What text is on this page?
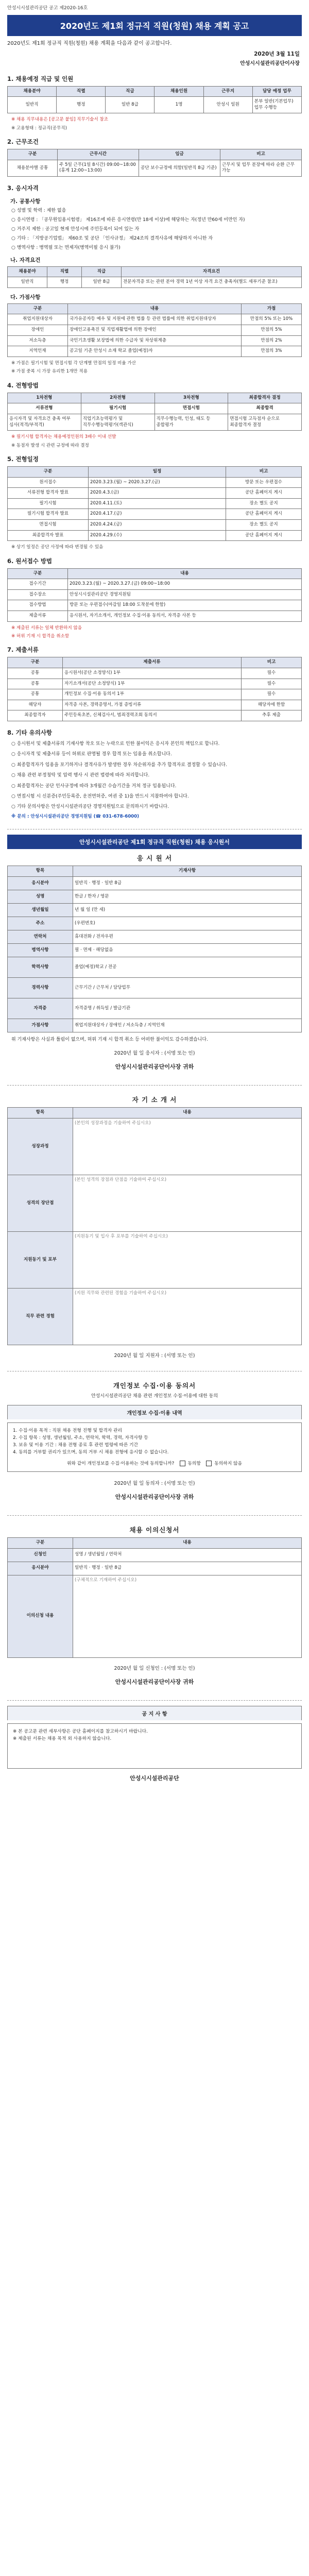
안성시시설관리공단 공고 제2020-16호
2020년도 제1회 정규직 직원(청원) 채용 계획 공고
2020년도 제1회 정규직 직원(청원) 채용 계획을 다음과 같이 공고합니다.
2020년 3월 11일
안성시시설관리공단이사장
1. 채용예정 직급 및 인원
채용분야	직렬	직급	채용인원	근무지	담당 예정 업무
일반직	행정	일반 8급	1명	안성시 일원	본부 일반(기본업무) 업무 수행등
※ 채용 직무내용은 [공고문 붙임] 직무기술서 참조
※ 고용형태 : 정규직(공무직)
2. 근무조건
구분	근무시간	임금	비고
채용분야별 공통	주 5일 근무(1일 8시간) 09:00~18:00 (휴게 12:00~13:00)	공단 보수규정에 의함(일반직 8급 기준)	근무지 및 업무 분장에 따라 순환 근무 가능
3. 응시자격
가. 공통사항
○ 성별 및 학력 : 제한 없음
○ 응시연령 : 「공무원임용시험령」 제16조에 따른 응시연령(만 18세 이상)에 해당하는 자(정년 만60세 미만인 자)
○ 거주지 제한 : 공고일 현재 안성시에 주민등록이 되어 있는 자
○ 기타 : 「지방공기업법」 제60조 및 공단 「인사규정」 제24조의 결격사유에 해당하지 아니한 자
○ 병역사항 : 병역필 또는 면제자(병역미필 응시 불가)
나. 자격요건
채용분야	직렬	직급	자격요건
일반직	행정	일반 8급	전문자격증 또는 관련 분야 경력 1년 이상 자격 요건 충족자(별도 세부기준 참조)
다. 가점사항
구분	내용	가점
취업지원대상자	국가유공자등 예우 및 지원에 관한 법률 등 관련 법률에 의한 취업지원대상자	만점의 5% 또는 10%
장애인	장애인고용촉진 및 직업재활법에 의한 장애인	만점의 5%
저소득층	국민기초생활 보장법에 의한 수급자 및 차상위계층	만점의 2%
지역인재	공고일 기준 안성시 소재 학교 졸업(예정)자	만점의 3%
※ 가점은 필기시험 및 면접시험 각 단계별 만점의 일정 비율 가산
※ 가점 중복 시 가장 유리한 1개만 적용
4. 전형방법
1차전형	2차전형	3차전형	최종합격자 결정
서류전형	필기시험	면접시험	최종합격
응시자격 및 자격요건 충족 여부 심사(적격/부적격)	직업기초능력평가 및 직무수행능력평가(객관식)	직무수행능력, 인성, 태도 등 종합평가	면접시험 고득점자 순으로 최종합격자 결정
※ 필기시험 합격자는 채용예정인원의 3배수 이내 선발
※ 동점자 발생 시 관련 규정에 따라 결정
5. 전형일정
구분	일정	비고
원서접수	2020.3.23.(월) ~ 2020.3.27.(금)	방문 또는 우편접수
서류전형 합격자 발표	2020.4.3.(금)	공단 홈페이지 게시
필기시험	2020.4.11.(토)	장소 별도 공지
필기시험 합격자 발표	2020.4.17.(금)	공단 홈페이지 게시
면접시험	2020.4.24.(금)	장소 별도 공지
최종합격자 발표	2020.4.29.(수)	공단 홈페이지 게시
※ 상기 일정은 공단 사정에 따라 변경될 수 있음
6. 원서접수 방법
구분	내용
접수기간	2020.3.23.(월) ~ 2020.3.27.(금) 09:00~18:00
접수장소	안성시시설관리공단 경영지원팀
접수방법	방문 또는 우편접수(마감일 18:00 도착분에 한함)
제출서류	응시원서, 자기소개서, 개인정보 수집·이용 동의서, 자격증 사본 등
※ 제출된 서류는 일체 반환하지 않음
※ 허위 기재 시 합격을 취소함
7. 제출서류
구분	제출서류	비고
공통	응시원서(공단 소정양식) 1부	필수
공통	자기소개서(공단 소정양식) 1부	필수
공통	개인정보 수집·이용 동의서 1부	필수
해당자	자격증 사본, 경력증명서, 가점 증빙서류	해당자에 한함
최종합격자	주민등록초본, 신체검사서, 범죄경력조회 동의서	추후 제출
8. 기타 유의사항
○ 응시원서 및 제출서류의 기재사항 착오 또는 누락으로 인한 불이익은 응시자 본인의 책임으로 합니다.
○ 응시자격 및 제출서류 등이 허위로 판명될 경우 합격 또는 임용을 취소합니다.
○ 최종합격자가 임용을 포기하거나 결격사유가 발생한 경우 차순위자를 추가 합격자로 결정할 수 있습니다.
○ 채용 관련 부정청탁 및 압력 행사 시 관련 법령에 따라 처리합니다.
○ 최종합격자는 공단 인사규정에 따라 3개월간 수습기간을 거쳐 정규 임용됩니다.
○ 면접시험 시 신분증(주민등록증, 운전면허증, 여권 중 1)을 반드시 지참하여야 합니다.
○ 기타 문의사항은 안성시시설관리공단 경영지원팀으로 문의하시기 바랍니다.
※ 문의 : 안성시시설관리공단 경영지원팀 (☎ 031-678-6000)
안성시시설관리공단 제1회 정규직 직원(청원) 채용 응시원서
응 시 원 서
항목	기재사항
응시분야	일반직 · 행정 · 일반 8급
성명	한글 / 한자 / 영문
생년월일	년 월 일 (만 세)
주소	(우편번호)
연락처	휴대전화 / 전자우편
병역사항	필 · 면제 · 해당없음
학력사항	졸업(예정)학교 / 전공
경력사항	근무기간 / 근무처 / 담당업무
자격증	자격증명 / 취득일 / 발급기관
가점사항	취업지원대상자 / 장애인 / 저소득층 / 지역인재
위 기재사항은 사실과 틀림이 없으며, 허위 기재 시 합격 취소 등 어떠한 불이익도 감수하겠습니다.
2020년 월 일 응시자 : (서명 또는 인)
안성시시설관리공단이사장 귀하
자 기 소 개 서
항목	내용
성장과정	(본인의 성장과정을 기술하여 주십시오)
성격의 장단점	(본인 성격의 장점과 단점을 기술하여 주십시오)
지원동기 및 포부	(지원동기 및 입사 후 포부를 기술하여 주십시오)
직무 관련 경험	(지원 직무와 관련된 경험을 기술하여 주십시오)
2020년 월 일 지원자 : (서명 또는 인)
개인정보 수집·이용 동의서
안성시시설관리공단 채용 관련 개인정보 수집·이용에 대한 동의
개인정보 수집·이용 내역
1. 수집·이용 목적 : 직원 채용 전형 진행 및 합격자 관리
2. 수집 항목 : 성명, 생년월일, 주소, 연락처, 학력, 경력, 자격사항 등
3. 보유 및 이용 기간 : 채용 전형 종료 후 관련 법령에 따른 기간
4. 동의를 거부할 권리가 있으며, 동의 거부 시 채용 전형에 응시할 수 없습니다.
위와 같이 개인정보를 수집·이용하는 것에 동의합니까?	동의함	동의하지 않음
2020년 월 일 동의자 : (서명 또는 인)
안성시시설관리공단이사장 귀하
채용 이의신청서
구분	내용
신청인	성명 / 생년월일 / 연락처
응시분야	일반직 · 행정 · 일반 8급
이의신청 내용	(구체적으로 기재하여 주십시오)
2020년 월 일 신청인 : (서명 또는 인)
안성시시설관리공단이사장 귀하
공 지 사 항
※ 본 공고문 관련 세부사항은 공단 홈페이지를 참고하시기 바랍니다.
※ 제출된 서류는 채용 목적 외 사용하지 않습니다.
안성시시설관리공단
